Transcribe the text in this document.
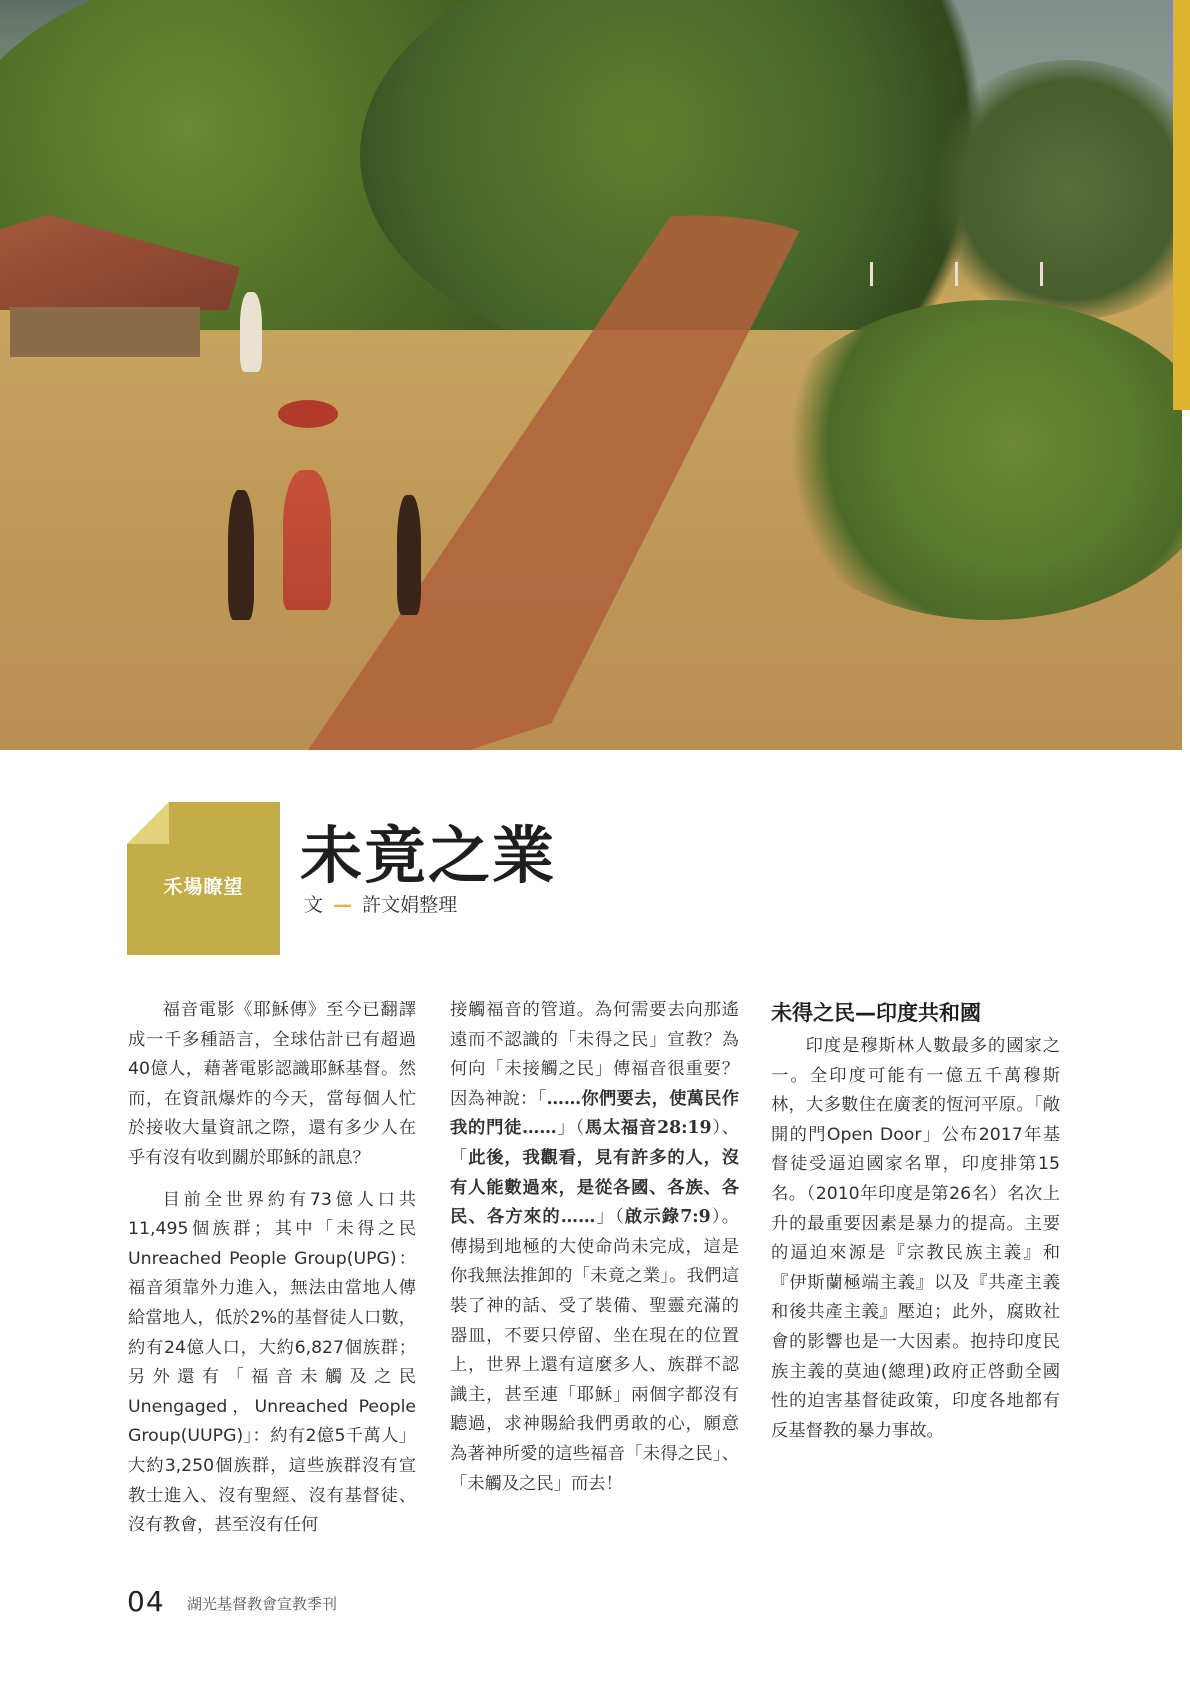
禾場瞭望 未竟之業
文 — 許文娟整理

福音電影《耶穌傳》至今已翻譯成一千多種語言，全球估計已有超過40億人，藉著電影認識耶穌基督。然而，在資訊爆炸的今天，當每個人忙於接收大量資訊之際，還有多少人在乎有沒有收到關於耶穌的訊息？

目前全世界約有73億人口共11,495個族群；其中「未得之民Unreached People Group(UPG)：福音須靠外力進入，無法由當地人傳給當地人，低於2%的基督徒人口數，約有24億人口，大約6,827個族群；另外還有「福音未觸及之民Unengaged，Unreached People Group(UUPG)」：約有2億5千萬人」大約3,250個族群，這些族群沒有宣教士進入、沒有聖經、沒有基督徒、沒有教會，甚至沒有任何

接觸福音的管道。為何需要去向那遙遠而不認識的「未得之民」宣教？為何向「未接觸之民」傳福音很重要？因為神說：「……你們要去，使萬民作我的門徒……」（馬太福音28:19）、「此後，我觀看，見有許多的人，沒有人能數過來，是從各國、各族、各民、各方來的……」（啟示錄7:9）。傳揚到地極的大使命尚未完成，這是你我無法推卸的「未竟之業」。我們這裝了神的話、受了裝備、聖靈充滿的器皿，不要只停留、坐在現在的位置上，世界上還有這麼多人、族群不認識主，甚至連「耶穌」兩個字都沒有聽過，求神賜給我們勇敢的心，願意為著神所愛的這些福音「未得之民」、「未觸及之民」而去！

未得之民—印度共和國

印度是穆斯林人數最多的國家之一。全印度可能有一億五千萬穆斯林，大多數住在廣袤的恆河平原。「敞開的門Open Door」公布2017年基督徒受逼迫國家名單，印度排第15名。（2010年印度是第26名）名次上升的最重要因素是暴力的提高。主要的逼迫來源是『宗教民族主義』和『伊斯蘭極端主義』以及『共產主義和後共產主義』壓迫；此外，腐敗社會的影響也是一大因素。抱持印度民族主義的莫迪(總理)政府正啓動全國性的迫害基督徒政策，印度各地都有反基督教的暴力事故。

04 湖光基督教會宣教季刊
